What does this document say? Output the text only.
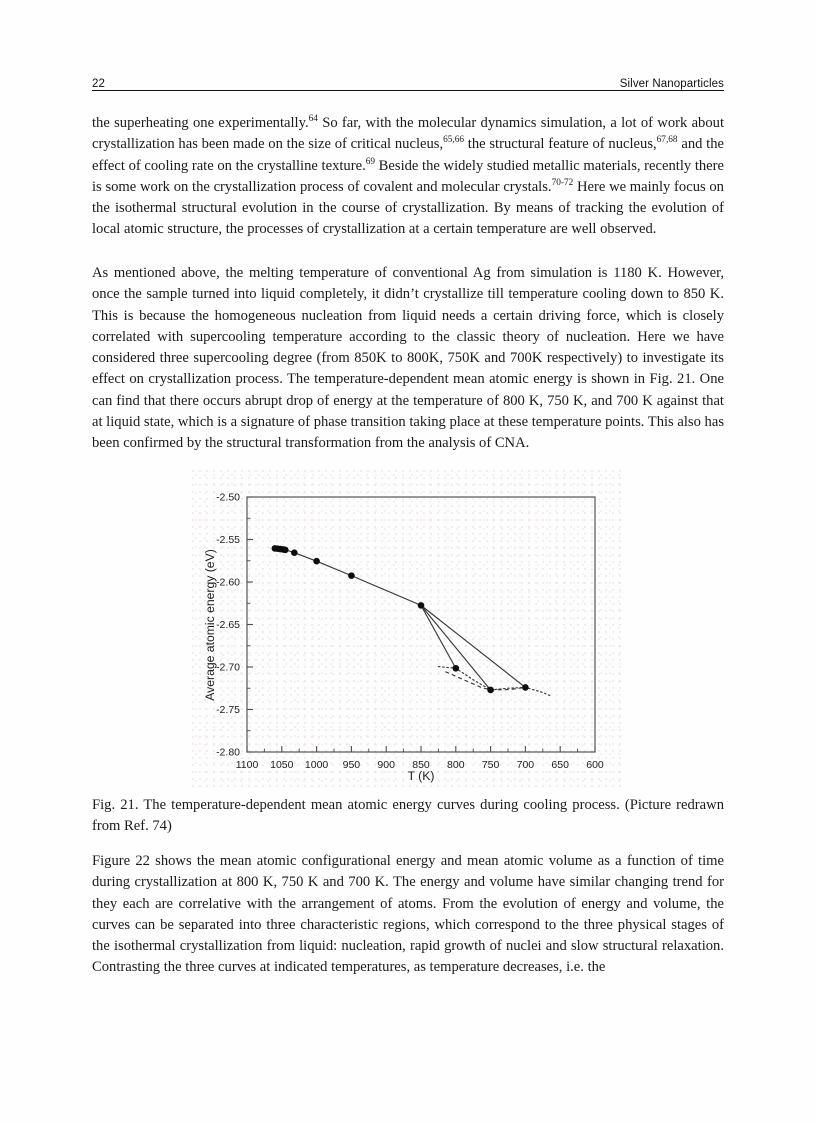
22	Silver Nanoparticles

the superheating one experimentally.$^{64}$ So far, with the molecular dynamics simulation, a lot of work about crystallization has been made on the size of critical nucleus,$^{65,66}$ the structural feature of nucleus,$^{67,68}$ and the effect of cooling rate on the crystalline texture.$^{69}$ Beside the widely studied metallic materials, recently there is some work on the crystallization process of covalent and molecular crystals.$^{70-72}$ Here we mainly focus on the isothermal structural evolution in the course of crystallization. By means of tracking the evolution of local atomic structure, the processes of crystallization at a certain temperature are well observed.

As mentioned above, the melting temperature of conventional Ag from simulation is 1180 K. However, once the sample turned into liquid completely, it didn’t crystallize till temperature cooling down to 850 K. This is because the homogeneous nucleation from liquid needs a certain driving force, which is closely correlated with supercooling temperature according to the classic theory of nucleation. Here we have considered three supercooling degree (from 850K to 800K, 750K and 700K respectively) to investigate its effect on crystallization process. The temperature-dependent mean atomic energy is shown in Fig. 21. One can find that there occurs abrupt drop of energy at the temperature of 800 K, 750 K, and 700 K against that at liquid state, which is a signature of phase transition taking place at these temperature points. This also has been confirmed by the structural transformation from the analysis of CNA.

1100 1050 1000 950 900 850 800 750 700 650 600
-2.50
-2.55
-2.60
-2.65
-2.70
-2.75
-2.80
T (K)
Average atomic energy (eV)

Fig. 21. The temperature-dependent mean atomic energy curves during cooling process. (Picture redrawn from Ref. 74)

Figure 22 shows the mean atomic configurational energy and mean atomic volume as a function of time during crystallization at 800 K, 750 K and 700 K. The energy and volume have similar changing trend for they each are correlative with the arrangement of atoms. From the evolution of energy and volume, the curves can be separated into three characteristic regions, which correspond to the three physical stages of the isothermal crystallization from liquid: nucleation, rapid growth of nuclei and slow structural relaxation. Contrasting the three curves at indicated temperatures, as temperature decreases, i.e. the
